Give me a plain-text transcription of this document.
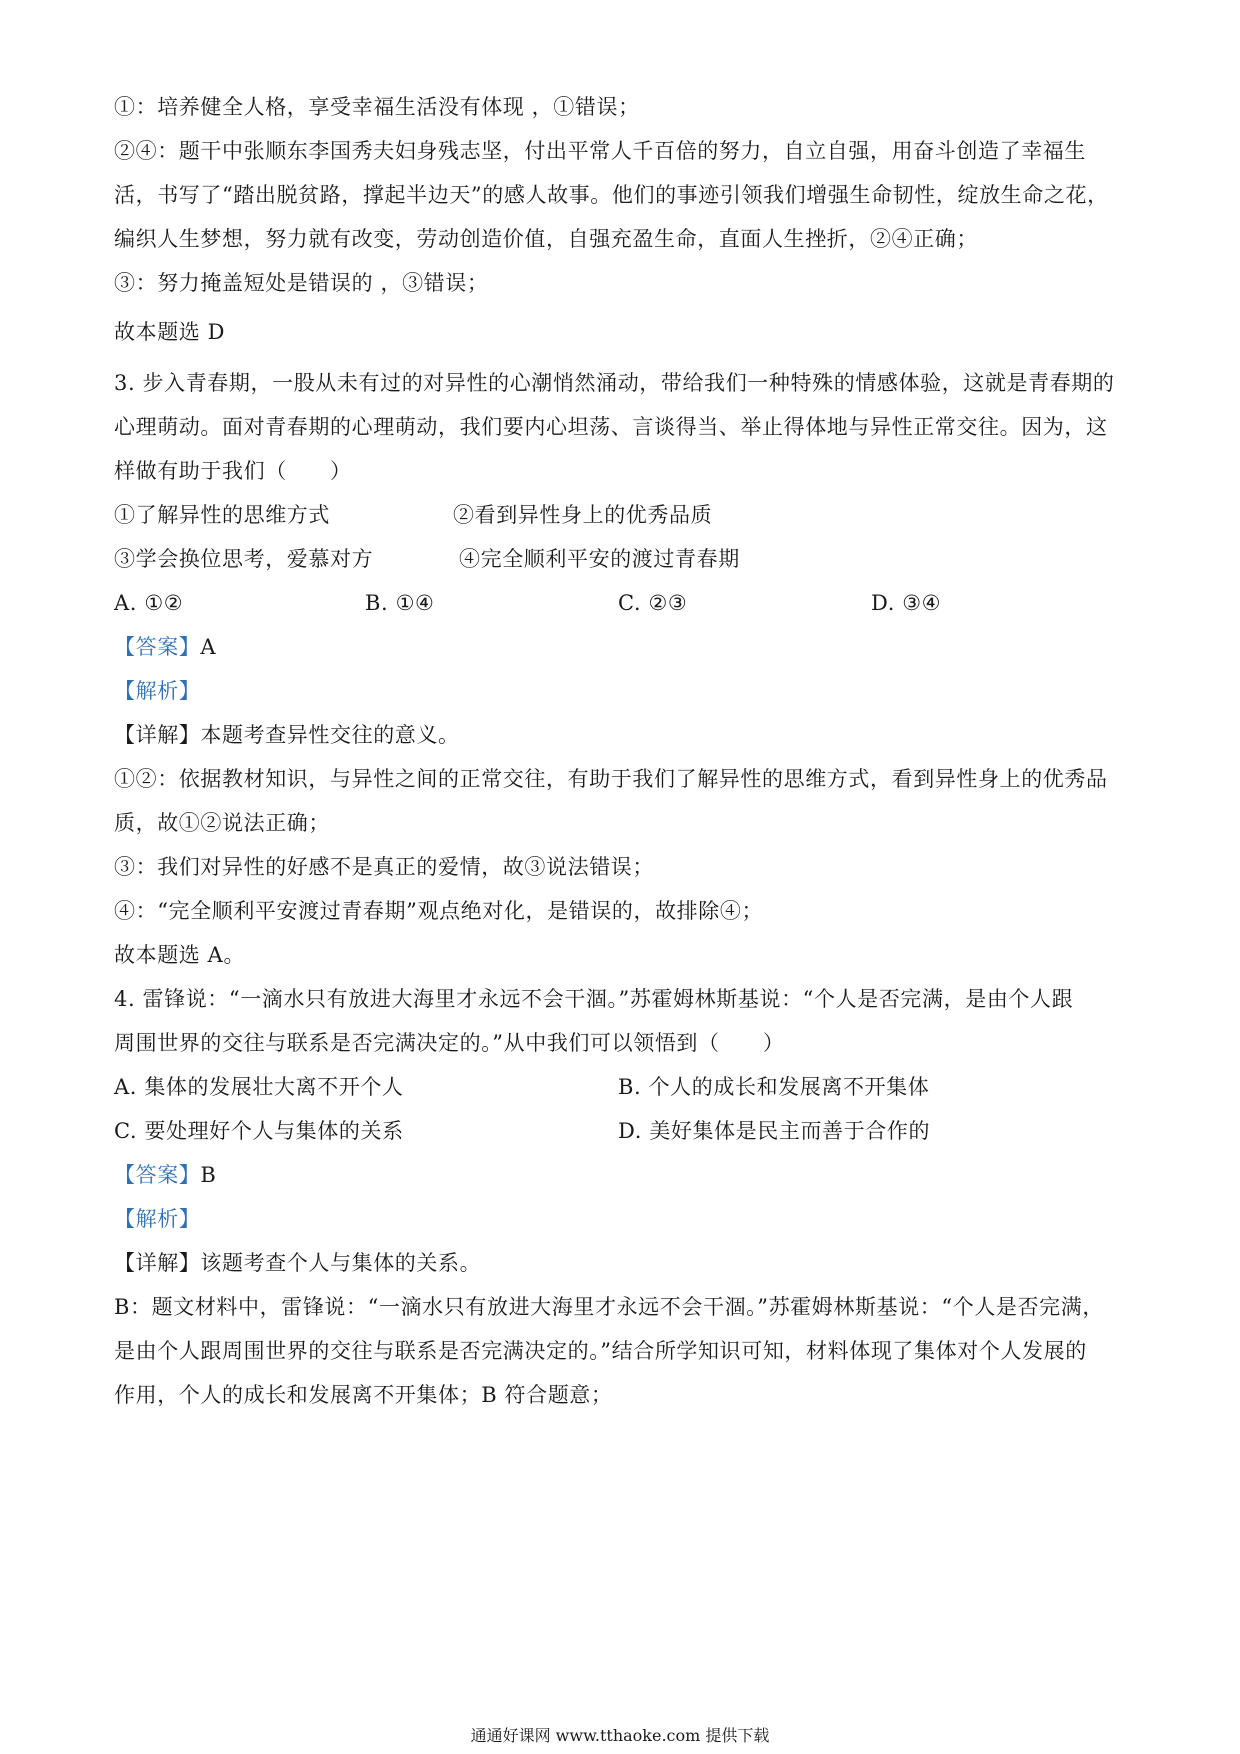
①：培养健全人格，享受幸福生活没有体现 ，①错误；
②④：题干中张顺东李国秀夫妇身残志坚，付出平常人千百倍的努力，自立自强，用奋斗创造了幸福生
活，书写了“踏出脱贫路，撑起半边天”的感人故事。他们的事迹引领我们增强生命韧性，绽放生命之花，
编织人生梦想，努力就有改变，劳动创造价值，自强充盈生命，直面人生挫折，②④正确；
③：努力掩盖短处是错误的 ，③错误；
故本题选 D
3. 步入青春期，一股从未有过的对异性的心潮悄然涌动，带给我们一种特殊的情感体验，这就是青春期的
心理萌动。面对青春期的心理萌动，我们要内心坦荡、言谈得当、举止得体地与异性正常交往。因为，这
样做有助于我们（　　）
①了解异性的思维方式	②看到异性身上的优秀品质
③学会换位思考，爱慕对方	④完全顺利平安的渡过青春期
A. ①②	B. ①④	C. ②③	D. ③④
【答案】A
【解析】
【详解】本题考查异性交往的意义。
①②：依据教材知识，与异性之间的正常交往，有助于我们了解异性的思维方式，看到异性身上的优秀品
质，故①②说法正确；
③：我们对异性的好感不是真正的爱情，故③说法错误；
④：“完全顺利平安渡过青春期”观点绝对化，是错误的，故排除④；
故本题选 A。
4. 雷锋说：“一滴水只有放进大海里才永远不会干涸。”苏霍姆林斯基说：“个人是否完满，是由个人跟
周围世界的交往与联系是否完满决定的。”从中我们可以领悟到（　　）
A. 集体的发展壮大离不开个人	B. 个人的成长和发展离不开集体
C. 要处理好个人与集体的关系	D. 美好集体是民主而善于合作的
【答案】B
【解析】
【详解】该题考查个人与集体的关系。
B：题文材料中，雷锋说：“一滴水只有放进大海里才永远不会干涸。”苏霍姆林斯基说：“个人是否完满，
是由个人跟周围世界的交往与联系是否完满决定的。”结合所学知识可知，材料体现了集体对个人发展的
作用，个人的成长和发展离不开集体；B 符合题意；
通通好课网 www.tthaoke.com 提供下载
